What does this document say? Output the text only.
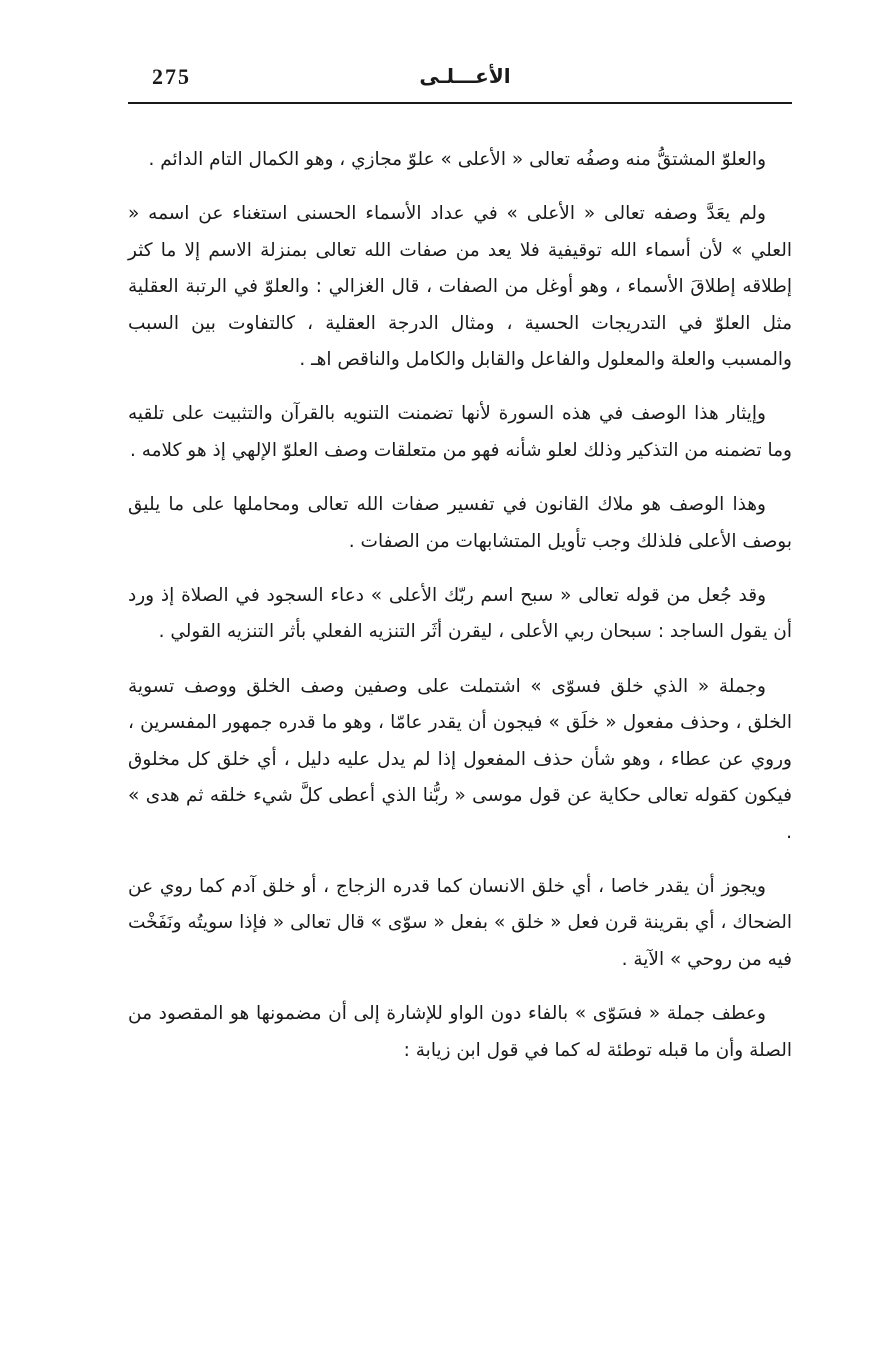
275	الأعـــلـى

والعلوّ المشتقُّ منه وصفُه تعالى « الأعلى » علوّ مجازي ، وهو الكمال التام الدائم .

ولم يعَدَّ وصفه تعالى « الأعلى » في عداد الأسماء الحسنى استغناء عن اسمه « العلي » لأن أسماء الله توقيفية فلا يعد من صفات الله تعالى بمنزلة الاسم إلا ما كثر إطلاقه إطلاقَ الأسماء ، وهو أوغل من الصفات ، قال الغزالي : والعلوّ في الرتبة العقلية مثل العلوّ في التدريجات الحسية ، ومثال الدرجة العقلية ، كالتفاوت بين السبب والمسبب والعلة والمعلول والفاعل والقابل والكامل والناقص اهـ .

وإيثار هذا الوصف في هذه السورة لأنها تضمنت التنويه بالقرآن والتثبيت على تلقيه وما تضمنه من التذكير وذلك لعلو شأنه فهو من متعلقات وصف العلوّ الإلهي إذ هو كلامه .

وهذا الوصف هو ملاك القانون في تفسير صفات الله تعالى ومحاملها على ما يليق بوصف الأعلى فلذلك وجب تأويل المتشابهات من الصفات .

وقد جُعل من قوله تعالى « سبح اسم ربّك الأعلى » دعاء السجود في الصلاة إذ ورد أن يقول الساجد : سبحان ربي الأعلى ، ليقرن أثَر التنزيه الفعلي بأثر التنزيه القولي .

وجملة « الذي خلق فسوّى » اشتملت على وصفين وصف الخلق ووصف تسوية الخلق ، وحذف مفعول « خلَق » فيجون أن يقدر عامّا ، وهو ما قدره جمهور المفسرين ، وروي عن عطاء ، وهو شأن حذف المفعول إذا لم يدل عليه دليل ، أي خلق كل مخلوق فيكون كقوله تعالى حكاية عن قول موسى « ربُّنا الذي أعطى كلَّ شيء خلقه ثم هدى » .

ويجوز أن يقدر خاصا ، أي خلق الانسان كما قدره الزجاج ، أو خلق آدم كما روي عن الضحاك ، أي بقرينة قرن فعل « خلق » بفعل « سوّى » قال تعالى « فإذا سويتُه ونَفَخْت فيه من روحي » الآية .

وعطف جملة « فسَوّى » بالفاء دون الواو للإشارة إلى أن مضمونها هو المقصود من الصلة وأن ما قبله توطئة له كما في قول ابن زيابة :
